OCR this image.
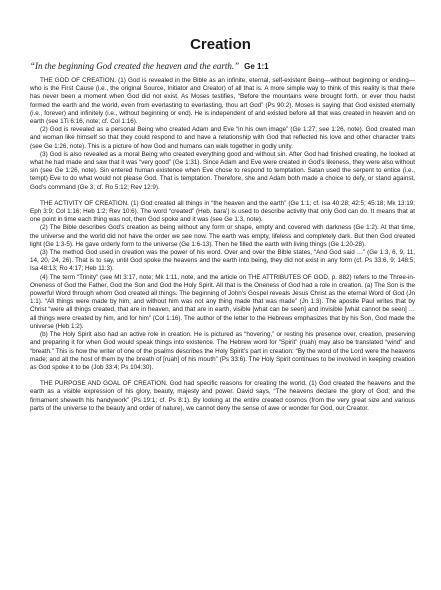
Creation
“In the beginning God created the heaven and the earth.” Ge 1:1

THE GOD OF CREATION. (1) God is revealed in the Bible as an infinite, eternal, self-existent Being—without beginning or ending—who is the First Cause (i.e., the original Source, Initiator and Creator) of all that is. A more simple way to think of this reality is that there has never been a moment when God did not exist. As Moses testifies, “Before the mountains were brought forth, or ever thou hadst formed the earth and the world, even from everlasting to everlasting, thou art God” (Ps 90:2). Moses is saying that God existed eternally (i.e., forever) and infinitely (i.e., without beginning or end). He is independent of and existed before all that was created in heaven and on earth (see 1Ti 6:16, note; cf. Col 1:16).

(2) God is revealed as a personal Being who created Adam and Eve “in his own image” (Ge 1:27; see 1:26, note). God created man and woman like himself so that they could respond to and have a relationship with God that reflected his love and other character traits (see Ge 1:26, note). This is a picture of how God and humans can walk together in godly unity.

(3) God is also revealed as a moral Being who created everything good and without sin. After God had finished creating, he looked at what he had made and saw that it was “very good” (Ge 1:31). Since Adam and Eve were created in God’s likeness, they were also without sin (see Ge 1:26, note). Sin entered human existence when Eve chose to respond to temptation. Satan used the serpent to entice (i.e., tempt) Eve to do what would not please God. That is temptation. Therefore, she and Adam both made a choice to defy, or stand against, God’s command (Ge 3; cf. Ro 5:12; Rev 12:9).

THE ACTIVITY OF CREATION. (1) God created all things in “the heaven and the earth” (Ge 1:1; cf. Isa 40:28; 42:5; 45:18; Mk 13:19; Eph 3:9; Col 1:16; Heb 1:2; Rev 10:6). The word “created” (Heb. bara’) is used to describe activity that only God can do. It means that at one point in time each thing was not, then God spoke and it was (see Ge 1:3, note).

(2) The Bible describes God’s creation as being without any form or shape, empty and covered with darkness (Ge 1:2). At that time, the universe and the world did not have the order we see now. The earth was empty, lifeless and completely dark. But then God created light (Ge 1:3-5). He gave orderly form to the universe (Ge 1:6-13). Then he filled the earth with living things (Ge 1:20-28).

(3) The method God used in creation was the power of his word. Over and over the Bible states, “And God said …” (Ge 1:3, 6, 9, 11, 14, 20, 24, 26). That is to say, until God spoke the heavens and the earth into being, they did not exist in any form (cf. Ps 33:6, 9; 148:5; Isa 48:13; Ro 4:17; Heb 11:3).

(4) The term “Trinity” (see Mt 3:17, note; Mk 1:11, note, and the article on THE ATTRIBUTES OF GOD, p. 882) refers to the Three-in-Oneness of God the Father, God the Son and God the Holy Spirit. All that is the Oneness of God had a role in creation. (a) The Son is the powerful Word through whom God created all things. The beginning of John’s Gospel reveals Jesus Christ as the eternal Word of God (Jn 1:1). “All things were made by him; and without him was not any thing made that was made” (Jn 1:3). The apostle Paul writes that by Christ “were all things created, that are in heaven, and that are in earth, visible [what can be seen] and invisible [what cannot be seen] … all things were created by him, and for him” (Col 1:16). The author of the letter to the Hebrews emphasizes that by his Son, God made the universe (Heb 1:2).

(b) The Holy Spirit also had an active role in creation. He is pictured as “hovering,” or resting his presence over, creation, preserving and preparing it for when God would speak things into existence. The Hebrew word for “Spirit” (ruah) may also be translated “wind” and “breath.” This is how the writer of one of the psalms describes the Holy Spirit’s part in creation: “By the word of the Lord were the heavens made; and all the host of them by the breath of [ruah] of his mouth” (Ps 33:6). The Holy Spirit continues to be involved in keeping creation as God spoke it to be (Job 33:4; Ps 104:30).

THE PURPOSE AND GOAL OF CREATION. God had specific reasons for creating the world. (1) God created the heavens and the earth as a visible expression of his glory, beauty, majesty and power. David says, “The heavens declare the glory of God; and the firmament sheweth his handywork” (Ps 19:1; cf. Ps 8:1). By looking at the entire created cosmos (from the very great size and various parts of the universe to the beauty and order of nature), we cannot deny the sense of awe or wonder for God, our Creator.
